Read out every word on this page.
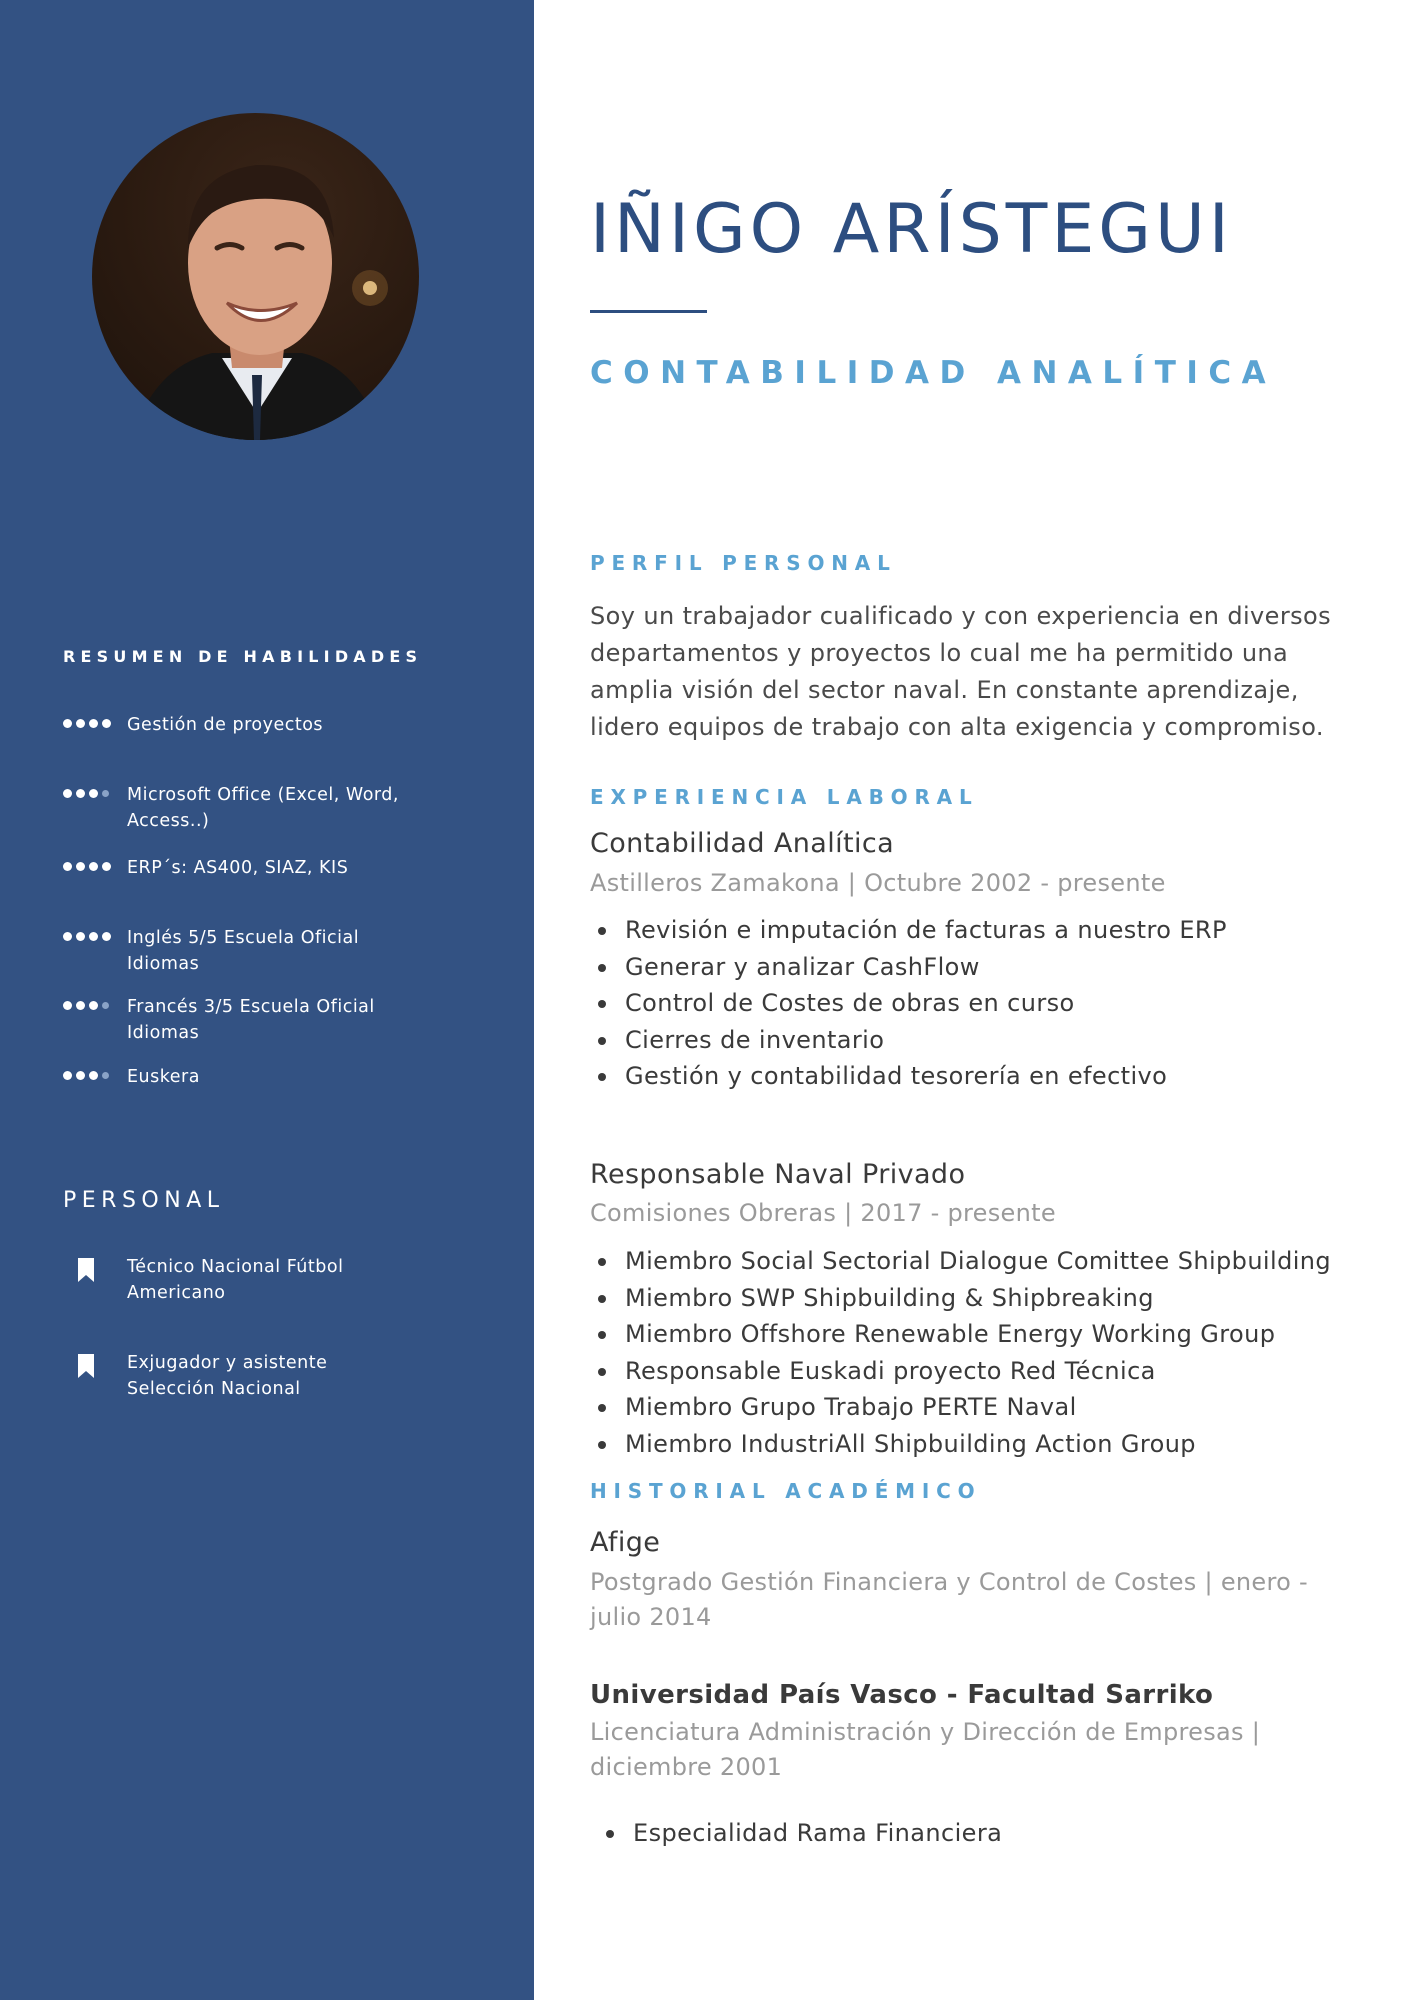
RESUMEN DE HABILIDADES
Gestión de proyectos
Microsoft Office (Excel, Word, Access..)
ERP´s: AS400, SIAZ, KIS
Inglés 5/5 Escuela Oficial Idiomas
Francés 3/5 Escuela Oficial Idiomas
Euskera
PERSONAL
Técnico Nacional Fútbol Americano
Exjugador y asistente Selección Nacional
IÑIGO ARÍSTEGUI
CONTABILIDAD ANALÍTICA
PERFIL PERSONAL

Soy un trabajador cualificado y con experiencia en diversos departamentos y proyectos lo cual me ha permitido una amplia visión del sector naval. En constante aprendizaje, lidero equipos de trabajo con alta exigencia y compromiso.

EXPERIENCIA LABORAL
Contabilidad Analítica
Astilleros Zamakona | Octubre 2002 - presente
Revisión e imputación de facturas a nuestro ERP
Generar y analizar CashFlow
Control de Costes de obras en curso
Cierres de inventario
Gestión y contabilidad tesorería en efectivo
Responsable Naval Privado
Comisiones Obreras | 2017 - presente
Miembro Social Sectorial Dialogue Comittee Shipbuilding
Miembro SWP Shipbuilding & Shipbreaking
Miembro Offshore Renewable Energy Working Group
Responsable Euskadi proyecto Red Técnica
Miembro Grupo Trabajo PERTE Naval
Miembro IndustriAll Shipbuilding Action Group
HISTORIAL ACADÉMICO
Afige
Postgrado Gestión Financiera y Control de Costes | enero - julio 2014
Universidad País Vasco - Facultad Sarriko
Licenciatura Administración y Dirección de Empresas | diciembre 2001
Especialidad Rama Financiera
